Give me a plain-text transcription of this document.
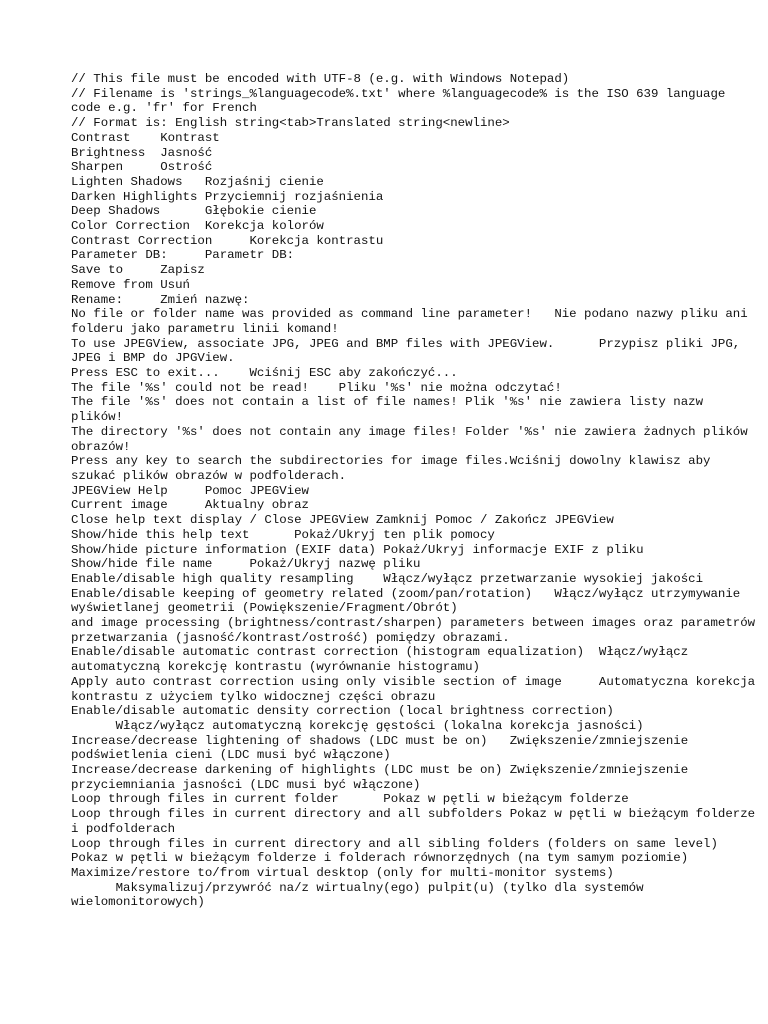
// This file must be encoded with UTF-8 (e.g. with Windows Notepad)
// Filename is 'strings_%languagecode%.txt' where %languagecode% is the ISO 639 language code e.g. 'fr' for French
// Format is: English string<tab>Translated string<newline>
Contrast    Kontrast
Brightness  Jasność
Sharpen     Ostrość
Lighten Shadows   Rozjaśnij cienie
Darken Highlights Przyciemnij rozjaśnienia
Deep Shadows      Głębokie cienie
Color Correction  Korekcja kolorów
Contrast Correction     Korekcja kontrastu
Parameter DB:     Parametr DB:
Save to     Zapisz
Remove from Usuń
Rename:     Zmień nazwę:
No file or folder name was provided as command line parameter!   Nie podano nazwy pliku ani folderu jako parametru linii komand!
To use JPEGView, associate JPG, JPEG and BMP files with JPEGView.      Przypisz pliki JPG, JPEG i BMP do JPGView.
Press ESC to exit...    Wciśnij ESC aby zakończyć...
The file '%s' could not be read!    Pliku '%s' nie można odczytać!
The file '%s' does not contain a list of file names! Plik '%s' nie zawiera listy nazw plików!
The directory '%s' does not contain any image files! Folder '%s' nie zawiera żadnych plików obrazów!
Press any key to search the subdirectories for image files.Wciśnij dowolny klawisz aby szukać plików obrazów w podfolderach.
JPEGView Help     Pomoc JPEGView
Current image     Aktualny obraz
Close help text display / Close JPEGView Zamknij Pomoc / Zakończ JPEGView
Show/hide this help text      Pokaż/Ukryj ten plik pomocy
Show/hide picture information (EXIF data) Pokaż/Ukryj informacje EXIF z pliku
Show/hide file name     Pokaż/Ukryj nazwę pliku
Enable/disable high quality resampling    Włącz/wyłącz przetwarzanie wysokiej jakości
Enable/disable keeping of geometry related (zoom/pan/rotation)   Włącz/wyłącz utrzymywanie wyświetlanej geometrii (Powiększenie/Fragment/Obrót)
and image processing (brightness/contrast/sharpen) parameters between images oraz parametrów przetwarzania (jasność/kontrast/ostrość) pomiędzy obrazami.
Enable/disable automatic contrast correction (histogram equalization)  Włącz/wyłącz automatyczną korekcję kontrastu (wyrównanie histogramu)
Apply auto contrast correction using only visible section of image     Automatyczna korekcja kontrastu z użyciem tylko widocznej części obrazu
Enable/disable automatic density correction (local brightness correction)
Włącz/wyłącz automatyczną korekcję gęstości (lokalna korekcja jasności)
Increase/decrease lightening of shadows (LDC must be on)   Zwiększenie/zmniejszenie podświetlenia cieni (LDC musi być włączone)
Increase/decrease darkening of highlights (LDC must be on) Zwiększenie/zmniejszenie przyciemniania jasności (LDC musi być włączone)
Loop through files in current folder      Pokaz w pętli w bieżącym folderze
Loop through files in current directory and all subfolders Pokaz w pętli w bieżącym folderze i podfolderach
Loop through files in current directory and all sibling folders (folders on same level) Pokaz w pętli w bieżącym folderze i folderach równorzędnych (na tym samym poziomie)
Maximize/restore to/from virtual desktop (only for multi-monitor systems)
Maksymalizuj/przywróć na/z wirtualny(ego) pulpit(u) (tylko dla systemów wielomonitorowych)
